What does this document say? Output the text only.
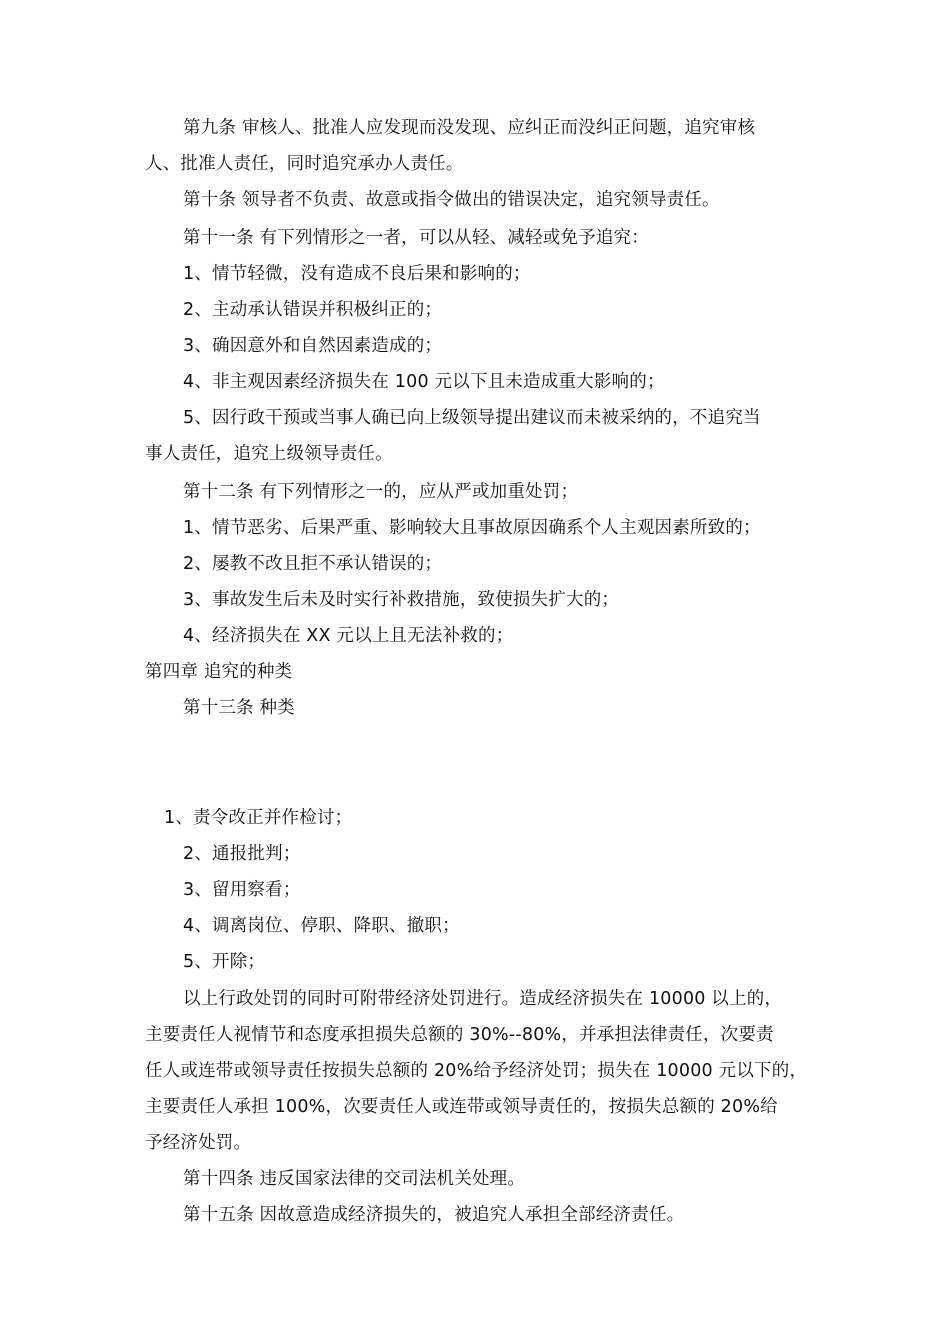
第九条 审核人、批准人应发现而没发现、应纠正而没纠正问题，追究审核
人、批准人责任，同时追究承办人责任。
第十条 领导者不负责、故意或指令做出的错误决定，追究领导责任。
第十一条 有下列情形之一者，可以从轻、减轻或免予追究：
1、情节轻微，没有造成不良后果和影响的；
2、主动承认错误并积极纠正的；
3、确因意外和自然因素造成的；
4、非主观因素经济损失在 100 元以下且未造成重大影响的；
5、因行政干预或当事人确已向上级领导提出建议而未被采纳的，不追究当
事人责任，追究上级领导责任。
第十二条 有下列情形之一的，应从严或加重处罚；
1、情节恶劣、后果严重、影响较大且事故原因确系个人主观因素所致的；
2、屡教不改且拒不承认错误的；
3、事故发生后未及时实行补救措施，致使损失扩大的；
4、经济损失在 XX 元以上且无法补救的；
第四章 追究的种类
第十三条 种类
1、责令改正并作检讨；
2、通报批判；
3、留用察看；
4、调离岗位、停职、降职、撤职；
5、开除；
以上行政处罚的同时可附带经济处罚进行。造成经济损失在 10000 以上的，
主要责任人视情节和态度承担损失总额的 30%--80%，并承担法律责任，次要责
任人或连带或领导责任按损失总额的 20%给予经济处罚；损失在 10000 元以下的，
主要责任人承担 100%，次要责任人或连带或领导责任的，按损失总额的 20%给
予经济处罚。
第十四条 违反国家法律的交司法机关处理。
第十五条 因故意造成经济损失的，被追究人承担全部经济责任。
